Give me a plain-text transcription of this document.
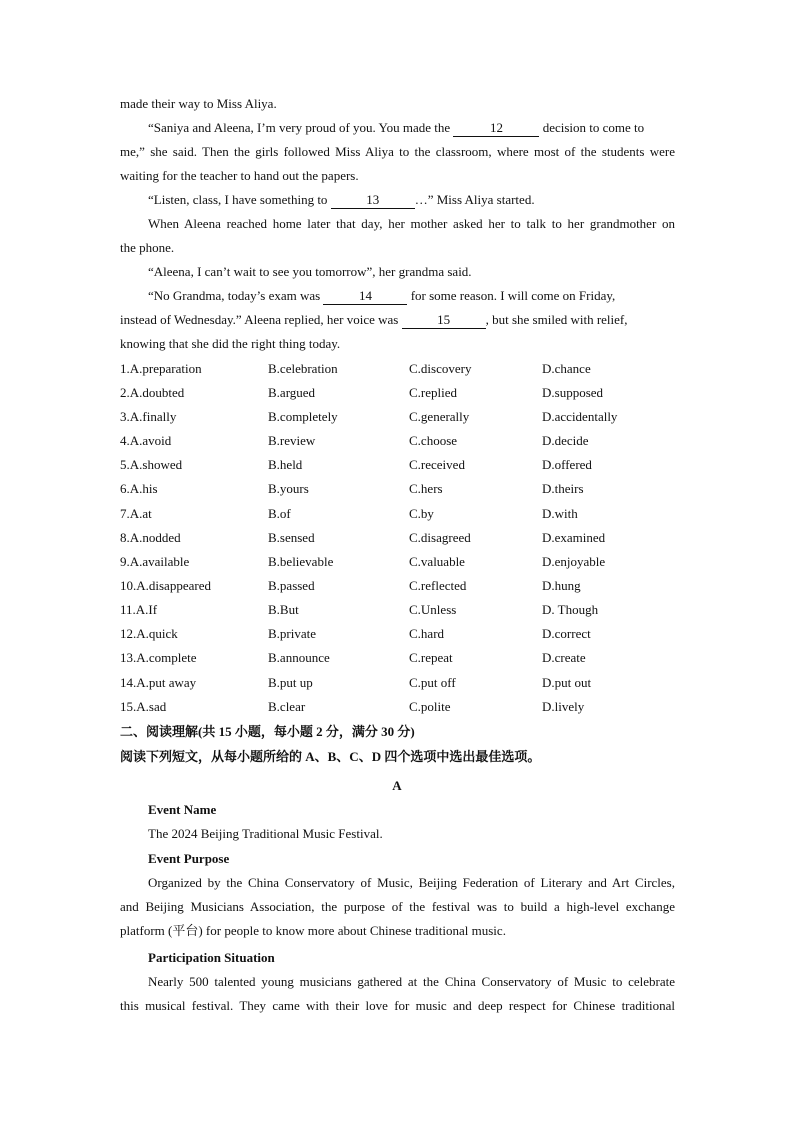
made their way to Miss Aliya.
“Saniya and Aleena, I’m very proud of you. You made the	12	decision to come to
me,” she said. Then the girls followed Miss Aliya to the classroom, where most of the students were
waiting for the teacher to hand out the papers.
“Listen, class, I have something to	13	…” Miss Aliya started.
When Aleena reached home later that day, her mother asked her to talk to her grandmother on
the phone.
“Aleena, I can’t wait to see you tomorrow”, her grandma said.
“No Grandma, today’s exam was	14	for some reason. I will come on Friday,
instead of Wednesday.” Aleena replied, her voice was	15	, but she smiled with relief,
knowing that she did the right thing today.
1.A.preparation	B.celebration	C.discovery	D.chance
2.A.doubted	B.argued	C.replied	D.supposed
3.A.finally	B.completely	C.generally	D.accidentally
4.A.avoid	B.review	C.choose	D.decide
5.A.showed	B.held	C.received	D.offered
6.A.his	B.yours	C.hers	D.theirs
7.A.at	B.of	C.by	D.with
8.A.nodded	B.sensed	C.disagreed	D.examined
9.A.available	B.believable	C.valuable	D.enjoyable
10.A.disappeared	B.passed	C.reflected	D.hung
11.A.If	B.But	C.Unless	D. Though
12.A.quick	B.private	C.hard	D.correct
13.A.complete	B.announce	C.repeat	D.create
14.A.put away	B.put up	C.put off	D.put out
15.A.sad	B.clear	C.polite	D.lively
二、阅读理解(共 15 小题，每小题 2 分，满分 30 分)
阅读下列短文，从每小题所给的 A、B、C、D 四个选项中选出最佳选项。
A
Event Name
The 2024 Beijing Traditional Music Festival.
Event Purpose
Organized by the China Conservatory of Music, Beijing Federation of Literary and Art Circles,
and Beijing Musicians Association, the purpose of the festival was to build a high-level exchange
platform (平台) for people to know more about Chinese traditional music.
Participation Situation
Nearly 500 talented young musicians gathered at the China Conservatory of Music to celebrate
this musical festival. They came with their love for music and deep respect for Chinese traditional
